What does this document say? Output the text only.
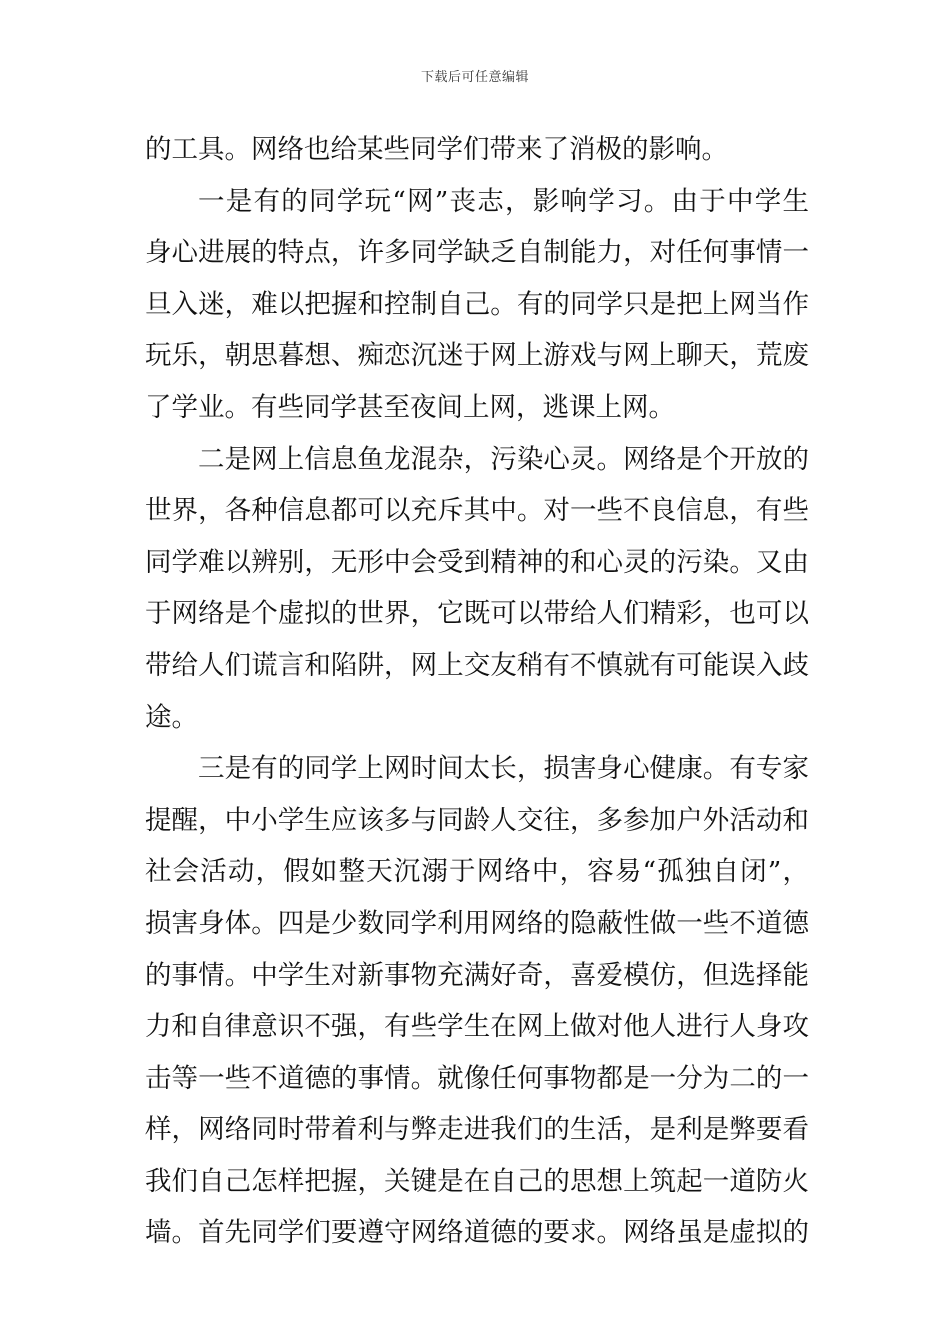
下载后可任意编辑
的工具。网络也给某些同学们带来了消极的影响。
一是有的同学玩“网”丧志，影响学习。由于中学生
身心进展的特点，许多同学缺乏自制能力，对任何事情一
旦入迷，难以把握和控制自己。有的同学只是把上网当作
玩乐，朝思暮想、痴恋沉迷于网上游戏与网上聊天，荒废
了学业。有些同学甚至夜间上网，逃课上网。
二是网上信息鱼龙混杂，污染心灵。网络是个开放的
世界，各种信息都可以充斥其中。对一些不良信息，有些
同学难以辨别，无形中会受到精神的和心灵的污染。又由
于网络是个虚拟的世界，它既可以带给人们精彩，也可以
带给人们谎言和陷阱，网上交友稍有不慎就有可能误入歧
途。
三是有的同学上网时间太长，损害身心健康。有专家
提醒，中小学生应该多与同龄人交往，多参加户外活动和
社会活动，假如整天沉溺于网络中，容易“孤独自闭”，
损害身体。四是少数同学利用网络的隐蔽性做一些不道德
的事情。中学生对新事物充满好奇，喜爱模仿，但选择能
力和自律意识不强，有些学生在网上做对他人进行人身攻
击等一些不道德的事情。就像任何事物都是一分为二的一
样，网络同时带着利与弊走进我们的生活，是利是弊要看
我们自己怎样把握，关键是在自己的思想上筑起一道防火
墙。首先同学们要遵守网络道德的要求。网络虽是虚拟的
